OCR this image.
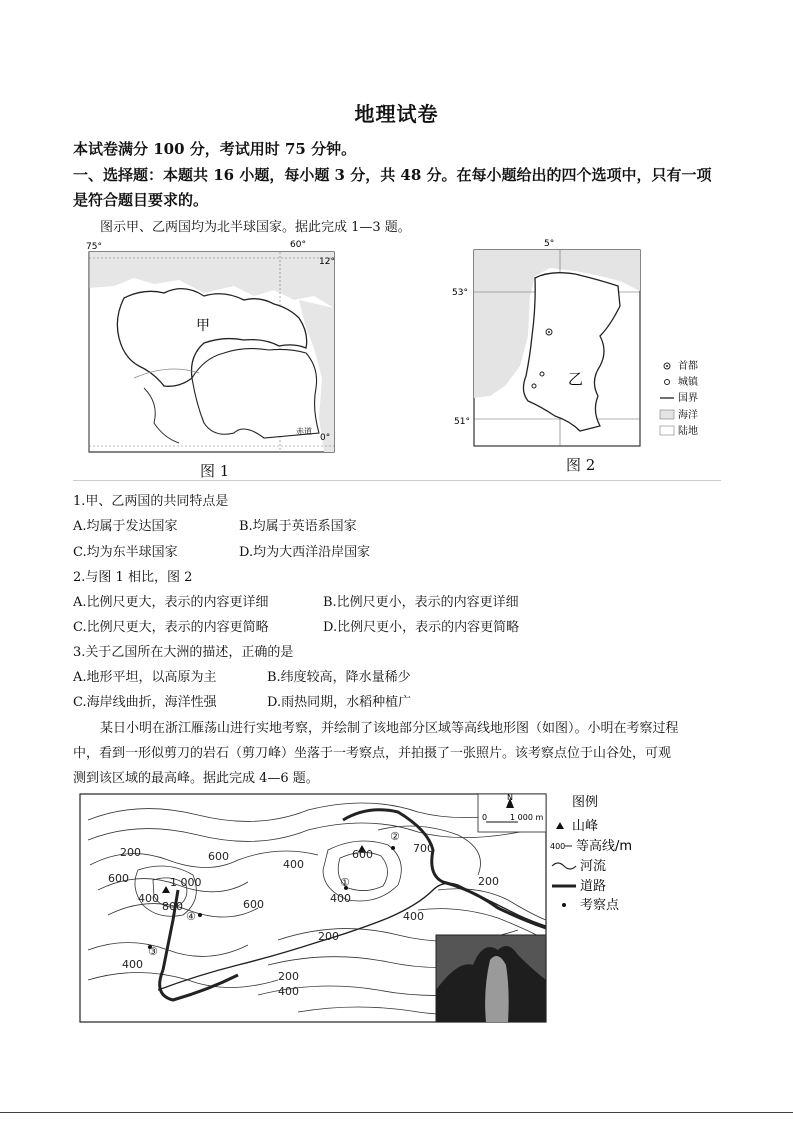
地理试卷
本试卷满分 100 分，考试用时 75 分钟。
一、选择题：本题共 16 小题，每小题 3 分，共 48 分。在每小题给出的四个选项中，只有一项
是符合题目要求的。
图示甲、乙两国均为北半球国家。据此完成 1—3 题。
甲
75°	60°
12°
0°
赤道
图 1
乙
5°
53°
51°
首都
城镇
国界
海洋
陆地
图 2
1.甲、乙两国的共同特点是
A.均属于发达国家	B.均属于英语系国家
C.均为东半球国家	D.均为大西洋沿岸国家
2.与图 1 相比，图 2
A.比例尺更大，表示的内容更详细	B.比例尺更小，表示的内容更详细
C.比例尺更大，表示的内容更简略	D.比例尺更小，表示的内容更简略
3.关于乙国所在大洲的描述，正确的是
A.地形平坦，以高原为主	B.纬度较高，降水量稀少
C.海岸线曲折，海洋性强	D.雨热同期，水稻种植广
某日小明在浙江雁荡山进行实地考察，并绘制了该地部分区域等高线地形图（如图）。小明在考察过程
中，看到一形似剪刀的岩石（剪刀峰）坐落于一考察点，并拍摄了一张照片。该考察点位于山谷处，可观
测到该区域的最高峰。据此完成 4—6 题。
200
600	1 000
800
④
400	600
400
600
②
700
①
400
200
400
200
③
400
200
400
600
N
0	1 000 m
图例
山峰
400 等高线/m
河流
道路
考察点
